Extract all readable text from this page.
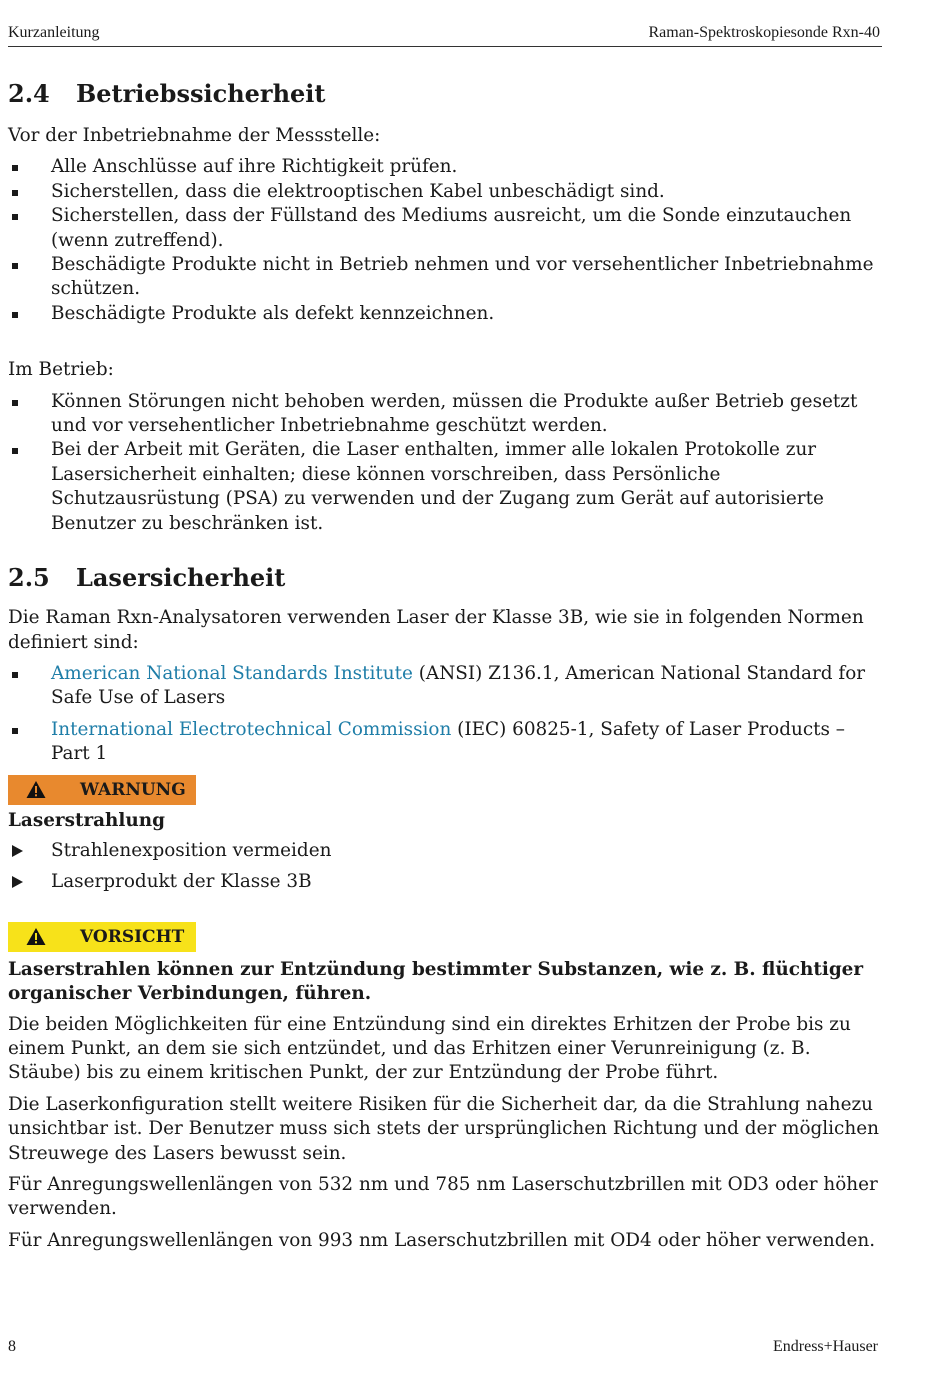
Kurzanleitung	Raman-Spektroskopiesonde Rxn-40
2.4 Betriebssicherheit

Vor der Inbetriebnahme der Messstelle:

Alle Anschlüsse auf ihre Richtigkeit prüfen.
Sicherstellen, dass die elektrooptischen Kabel unbeschädigt sind.
Sicherstellen, dass der Füllstand des Mediums ausreicht, um die Sonde einzutauchen (wenn zutreffend).
Beschädigte Produkte nicht in Betrieb nehmen und vor versehentlicher Inbetriebnahme schützen.
Beschädigte Produkte als defekt kennzeichnen.

Im Betrieb:

Können Störungen nicht behoben werden, müssen die Produkte außer Betrieb gesetzt und vor versehentlicher Inbetriebnahme geschützt werden.
Bei der Arbeit mit Geräten, die Laser enthalten, immer alle lokalen Protokolle zur Lasersicherheit einhalten; diese können vorschreiben, dass Persönliche Schutzausrüstung (PSA) zu verwenden und der Zugang zum Gerät auf autorisierte Benutzer zu beschränken ist.
2.5 Lasersicherheit

Die Raman Rxn-Analysatoren verwenden Laser der Klasse 3B, wie sie in folgenden Normen definiert sind:

American National Standards Institute (ANSI) Z136.1, American National Standard for Safe Use of Lasers
International Electrotechnical Commission (IEC) 60825-1, Safety of Laser Products – Part 1
WARNUNG

Laserstrahlung

Strahlenexposition vermeiden
Laserprodukt der Klasse 3B
VORSICHT

Laserstrahlen können zur Entzündung bestimmter Substanzen, wie z. B. flüchtiger organischer Verbindungen, führen.

Die beiden Möglichkeiten für eine Entzündung sind ein direktes Erhitzen der Probe bis zu einem Punkt, an dem sie sich entzündet, und das Erhitzen einer Verunreinigung (z. B. Stäube) bis zu einem kritischen Punkt, der zur Entzündung der Probe führt.

Die Laserkonfiguration stellt weitere Risiken für die Sicherheit dar, da die Strahlung nahezu unsichtbar ist. Der Benutzer muss sich stets der ursprünglichen Richtung und der möglichen Streuwege des Lasers bewusst sein.

Für Anregungswellenlängen von 532 nm und 785 nm Laserschutzbrillen mit OD3 oder höher verwenden.

Für Anregungswellenlängen von 993 nm Laserschutzbrillen mit OD4 oder höher verwenden.

8	Endress+Hauser
